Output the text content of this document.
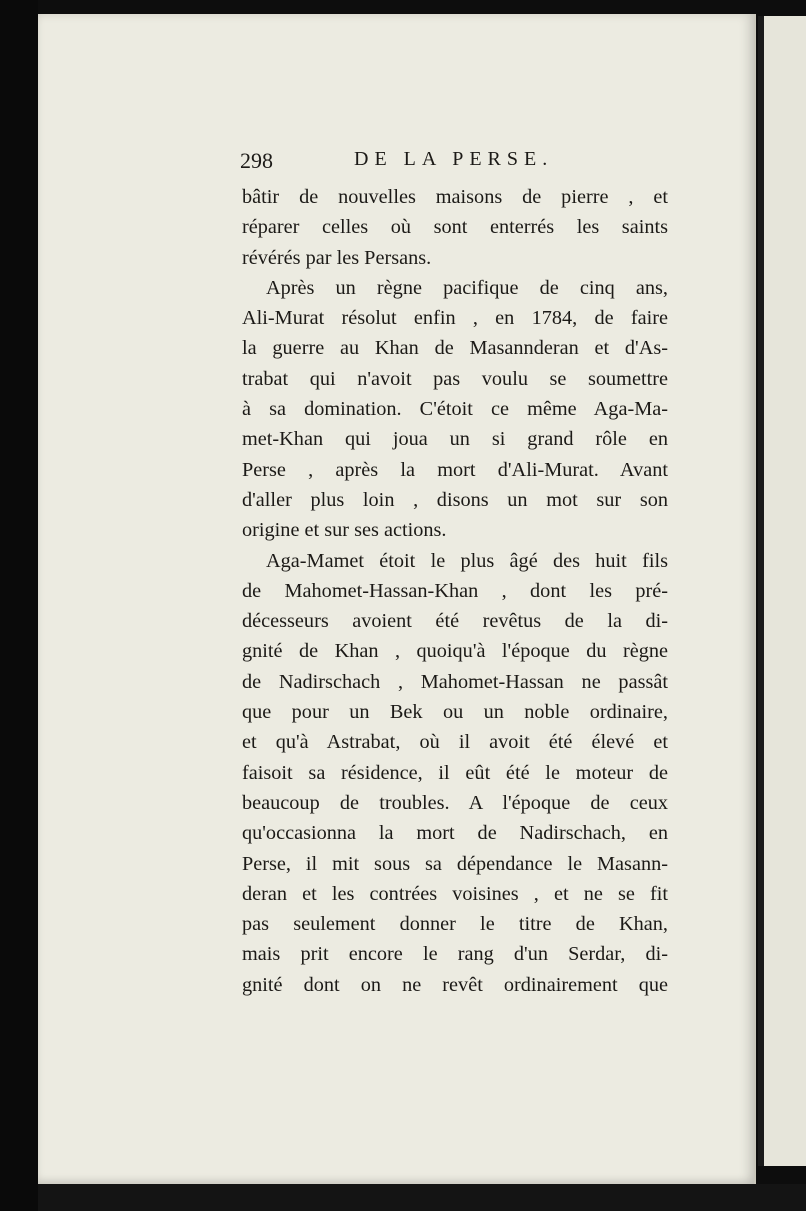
298	DE LA PERSE.
bâtir de nouvelles maisons de pierre , et
réparer celles où sont enterrés les saints
révérés par les Persans.
Après un règne pacifique de cinq ans,
Ali-Murat résolut enfin , en 1784, de faire
la guerre au Khan de Masannderan et d'As-
trabat qui n'avoit pas voulu se soumettre
à sa domination. C'étoit ce même Aga-Ma-
met-Khan qui joua un si grand rôle en
Perse , après la mort d'Ali-Murat. Avant
d'aller plus loin , disons un mot sur son
origine et sur ses actions.
Aga-Mamet étoit le plus âgé des huit fils
de Mahomet-Hassan-Khan , dont les pré-
décesseurs avoient été revêtus de la di-
gnité de Khan , quoiqu'à l'époque du règne
de Nadirschach , Mahomet-Hassan ne passât
que pour un Bek ou un noble ordinaire,
et qu'à Astrabat, où il avoit été élevé et
faisoit sa résidence, il eût été le moteur de
beaucoup de troubles. A l'époque de ceux
qu'occasionna la mort de Nadirschach, en
Perse, il mit sous sa dépendance le Masann-
deran et les contrées voisines , et ne se fit
pas seulement donner le titre de Khan,
mais prit encore le rang d'un Serdar, di-
gnité dont on ne revêt ordinairement que
